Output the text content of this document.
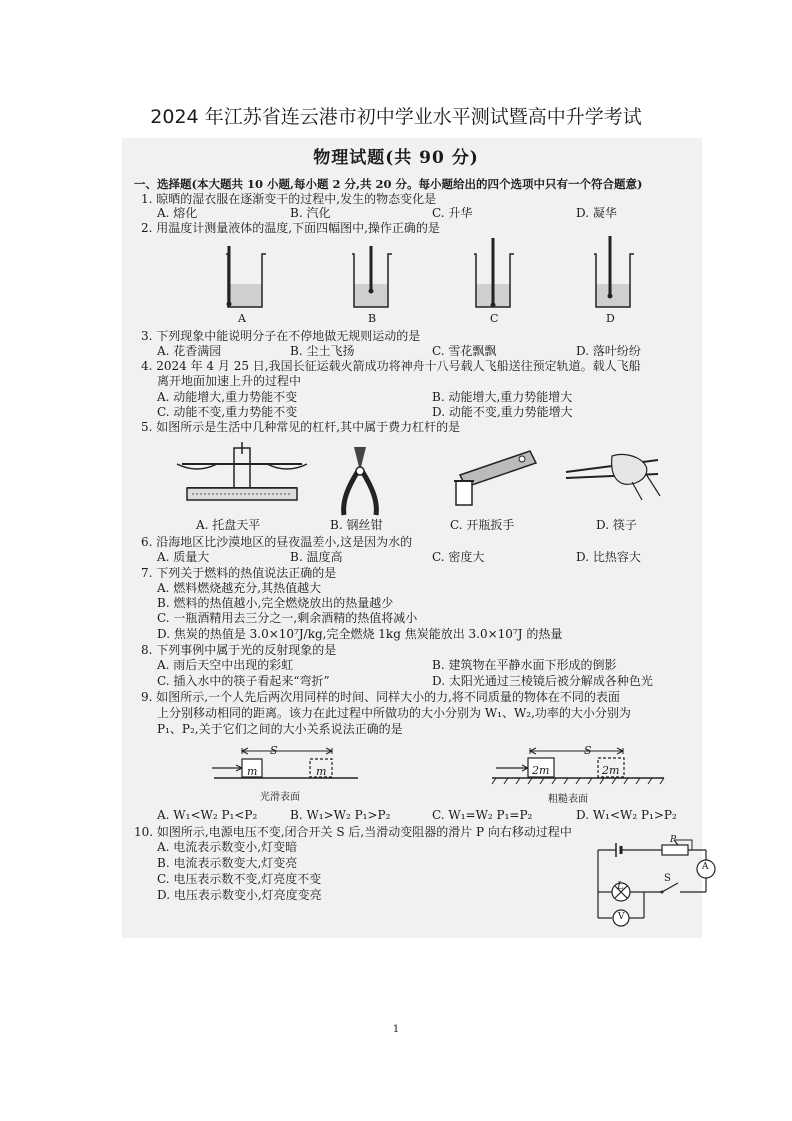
2024 年江苏省连云港市初中学业水平测试暨高中升学考试
物理试题(共 90 分)
一、选择题(本大题共 10 小题,每小题 2 分,共 20 分。每小题给出的四个选项中只有一个符合题意)
1. 晾晒的湿衣服在逐渐变干的过程中,发生的物态变化是
A. 熔化	B. 汽化	C. 升华	D. 凝华
2. 用温度计测量液体的温度,下面四幅图中,操作正确的是
A	B	C	D
3. 下列现象中能说明分子在不停地做无规则运动的是
A. 花香满园	B. 尘土飞扬	C. 雪花飘飘	D. 落叶纷纷
4. 2024 年 4 月 25 日,我国长征运载火箭成功将神舟十八号载人飞船送往预定轨道。载人飞船
离开地面加速上升的过程中
A. 动能增大,重力势能不变	B. 动能增大,重力势能增大
C. 动能不变,重力势能不变	D. 动能不变,重力势能增大
5. 如图所示是生活中几种常见的杠杆,其中属于费力杠杆的是
A. 托盘天平	B. 钢丝钳	C. 开瓶扳手	D. 筷子
6. 沿海地区比沙漠地区的昼夜温差小,这是因为水的
A. 质量大	B. 温度高	C. 密度大	D. 比热容大
7. 下列关于燃料的热值说法正确的是
A. 燃料燃烧越充分,其热值越大
B. 燃料的热值越小,完全燃烧放出的热量越少
C. 一瓶酒精用去三分之一,剩余酒精的热值将减小
D. 焦炭的热值是 3.0×10⁷J/kg,完全燃烧 1kg 焦炭能放出 3.0×10⁷J 的热量
8. 下列事例中属于光的反射现象的是
A. 雨后天空中出现的彩虹	B. 建筑物在平静水面下形成的倒影
C. 插入水中的筷子看起来“弯折”	D. 太阳光通过三棱镜后被分解成各种色光
9. 如图所示,一个人先后两次用同样的时间、同样大小的力,将不同质量的物体在不同的表面
上分别移动相同的距离。该力在此过程中所做功的大小分别为 W₁、W₂,功率的大小分别为
P₁、P₂,关于它们之间的大小关系说法正确的是
S
m	m
光滑表面
S
2m	2m
粗糙表面
A. W₁<W₂ P₁<P₂	B. W₁>W₂ P₁>P₂	C. W₁=W₂ P₁=P₂	D. W₁<W₂ P₁>P₂
10. 如图所示,电源电压不变,闭合开关 S 后,当滑动变阻器的滑片 P 向右移动过程中
A. 电流表示数变小,灯变暗
B. 电流表示数变大,灯变亮
C. 电压表示数不变,灯亮度不变
D. 电压表示数变小,灯亮度变亮
P
L
S
A
V
1
